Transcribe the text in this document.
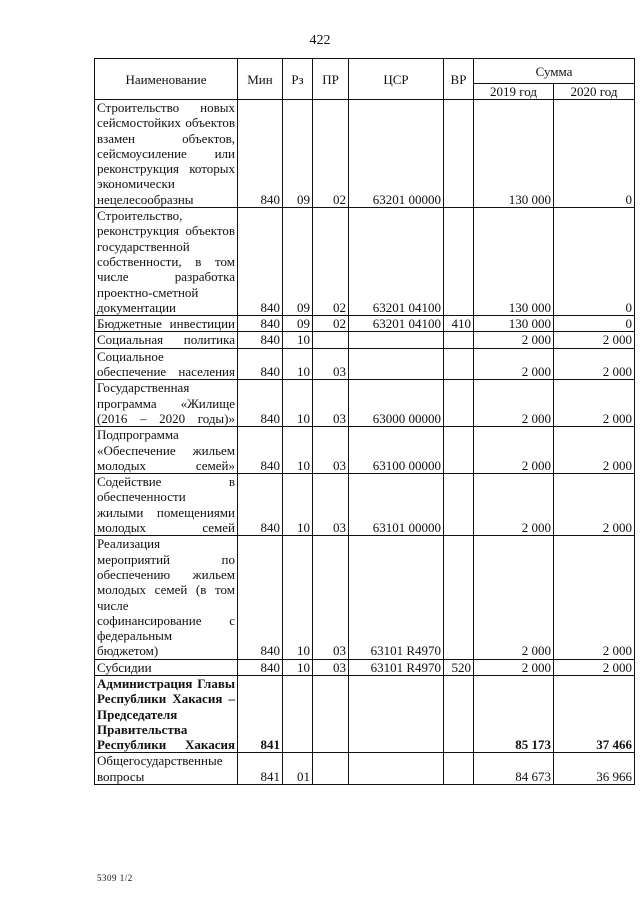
422
Наименование	Мин	Рз	ПР	ЦСР	ВР	Сумма	
						2019 год	2020 год
Строительство новых сейсмостойких объектов взамен объектов, сейсмоусиление или реконструкция которых экономически нецелесообразны	840	09	02	63201 00000		130 000	0
Строительство, реконструкция объектов государственной собственности, в том числе разработка проектно-сметной документации	840	09	02	63201 04100		130 000	0
Бюджетные инвестиции	840	09	02	63201 04100	410	130 000	0
Социальная политика	840	10				2 000	2 000
Социальное обеспечение населения	840	10	03			2 000	2 000
Государственная программа «Жилище (2016 – 2020 годы)»	840	10	03	63000 00000		2 000	2 000
Подпрограмма «Обеспечение жильем молодых семей»	840	10	03	63100 00000		2 000	2 000
Содействие в обеспеченности жилыми помещениями молодых семей	840	10	03	63101 00000		2 000	2 000
Реализация мероприятий по обеспечению жильем молодых семей (в том числе софинансирование с федеральным бюджетом)	840	10	03	63101 R4970		2 000	2 000
Субсидии	840	10	03	63101 R4970	520	2 000	2 000
Администрация Главы Республики Хакасия – Председателя Правительства Республики Хакасия	841					85 173	37 466
Общегосударственные вопросы	841	01				84 673	36 966
5309 1/2
